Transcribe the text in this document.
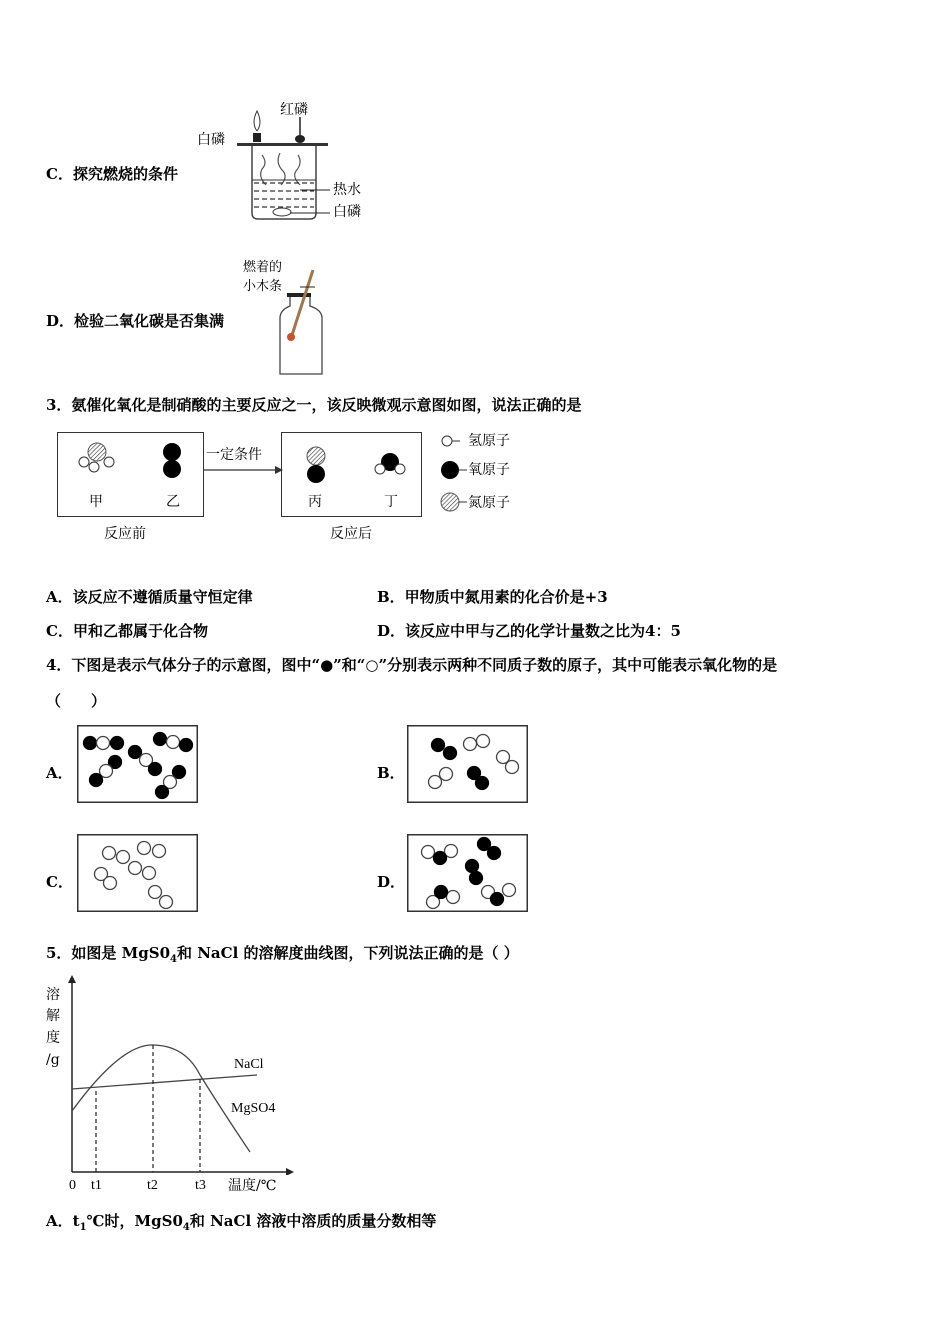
C．探究燃烧的条件
白磷
红磷
热水
白磷
D．检验二氧化碳是否集满
燃着的
小木条
3．氨催化氧化是制硝酸的主要反应之一，该反映微观示意图如图，说法正确的是
甲	乙	丙	丁
一定条件
反应前	反应后
氢原子
氧原子
氮原子
A．该反应不遵循质量守恒定律	B．甲物质中氮用素的化合价是+3
C．甲和乙都属于化合物	D．该反应中甲与乙的化学计量数之比为4：5
4．下图是表示气体分子的示意图，图中“●”和“○”分别表示两种不同质子数的原子，其中可能表示氧化物的是
（　　）
A．	B．
C．	D．
5．如图是 $MgS0_4$和 NaCl 的溶解度曲线图，下列说法正确的是（ ）
溶
解
度
/g	NaCl
MgSO4
0 t1	t2	t3 温度/℃
A．$t_1℃$时，$MgS0_4$和 NaCl 溶液中溶质的质量分数相等
